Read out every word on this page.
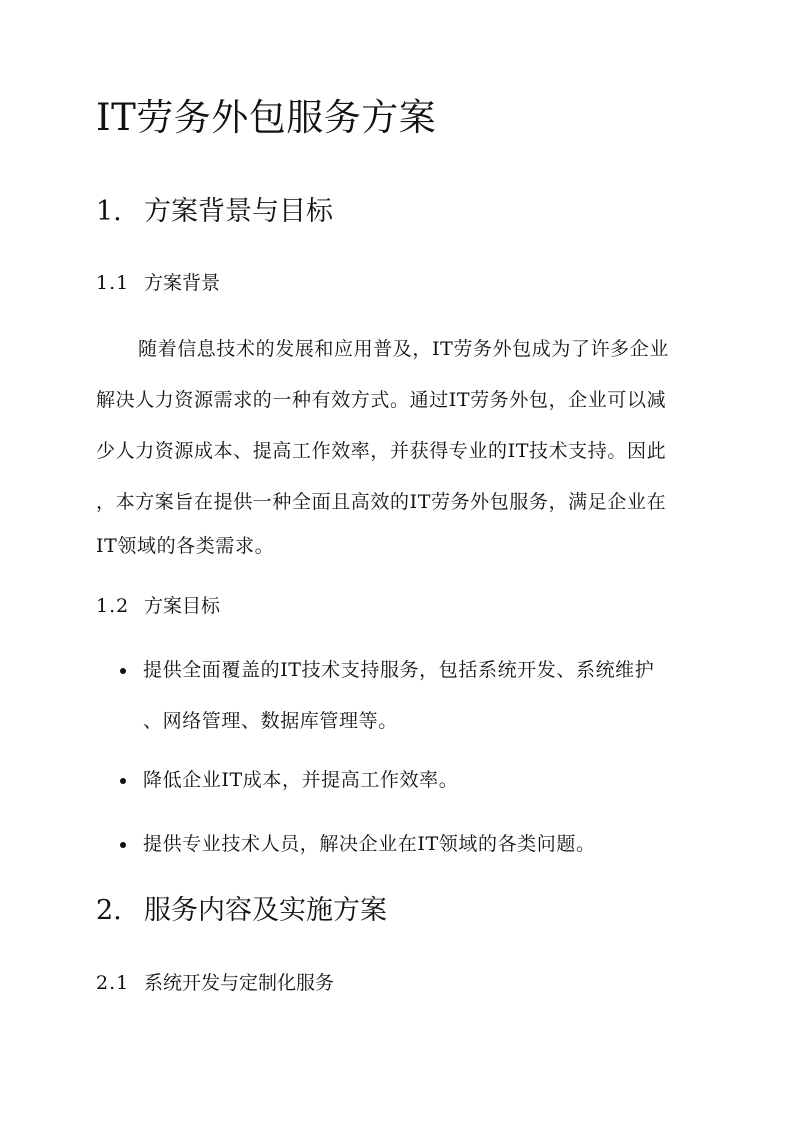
IT劳务外包服务方案
1. 方案背景与目标
1.1 方案背景
随着信息技术的发展和应用普及，IT劳务外包成为了许多企业
解决人力资源需求的一种有效方式。通过IT劳务外包，企业可以减
少人力资源成本、提高工作效率，并获得专业的IT技术支持。因此
，本方案旨在提供一种全面且高效的IT劳务外包服务，满足企业在
IT领域的各类需求。
1.2 方案目标
提供全面覆盖的IT技术支持服务，包括系统开发、系统维护
、网络管理、数据库管理等。
降低企业IT成本，并提高工作效率。
提供专业技术人员，解决企业在IT领域的各类问题。
2. 服务内容及实施方案
2.1 系统开发与定制化服务
